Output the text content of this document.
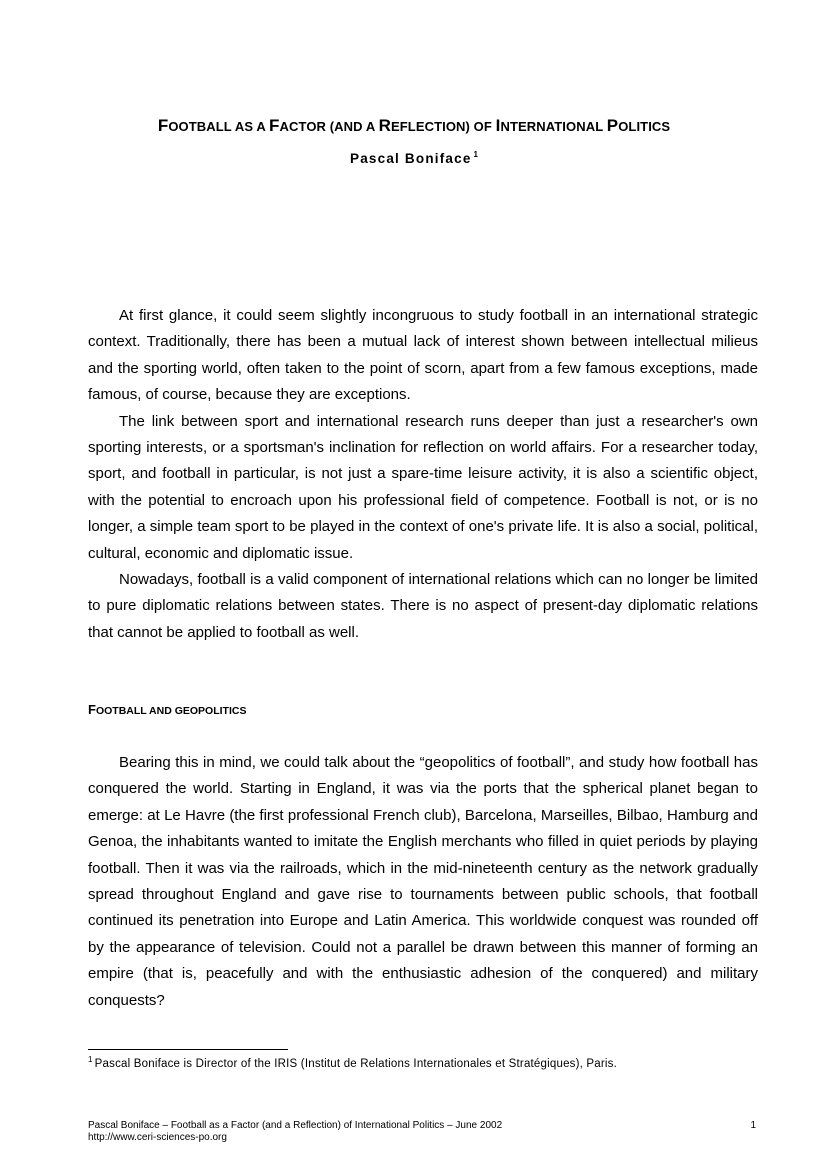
FOOTBALL AS A FACTOR (AND A REFLECTION) OF INTERNATIONAL POLITICS
Pascal Boniface $^1$

At first glance, it could seem slightly incongruous to study football in an international strategic context. Traditionally, there has been a mutual lack of interest shown between intellectual milieus and the sporting world, often taken to the point of scorn, apart from a few famous exceptions, made famous, of course, because they are exceptions.

The link between sport and international research runs deeper than just a researcher's own sporting interests, or a sportsman's inclination for reflection on world affairs. For a researcher today, sport, and football in particular, is not just a spare-time leisure activity, it is also a scientific object, with the potential to encroach upon his professional field of competence. Football is not, or is no longer, a simple team sport to be played in the context of one's private life. It is also a social, political, cultural, economic and diplomatic issue.

Nowadays, football is a valid component of international relations which can no longer be limited to pure diplomatic relations between states. There is no aspect of present-day diplomatic relations that cannot be applied to football as well.

FOOTBALL AND GEOPOLITICS

Bearing this in mind, we could talk about the “geopolitics of football”, and study how football has conquered the world. Starting in England, it was via the ports that the spherical planet began to emerge: at Le Havre (the first professional French club), Barcelona, Marseilles, Bilbao, Hamburg and Genoa, the inhabitants wanted to imitate the English merchants who filled in quiet periods by playing football. Then it was via the railroads, which in the mid-nineteenth century as the network gradually spread throughout England and gave rise to tournaments between public schools, that football continued its penetration into Europe and Latin America. This worldwide conquest was rounded off by the appearance of television. Could not a parallel be drawn between this manner of forming an empire (that is, peacefully and with the enthusiastic adhesion of the conquered) and military conquests?

$^1$ Pascal Boniface is Director of the IRIS (Institut de Relations Internationales et Stratégiques), Paris.
Pascal Boniface – Football as a Factor (and a Reflection) of International Politics – June 2002
http://www.ceri-sciences-po.org
1
